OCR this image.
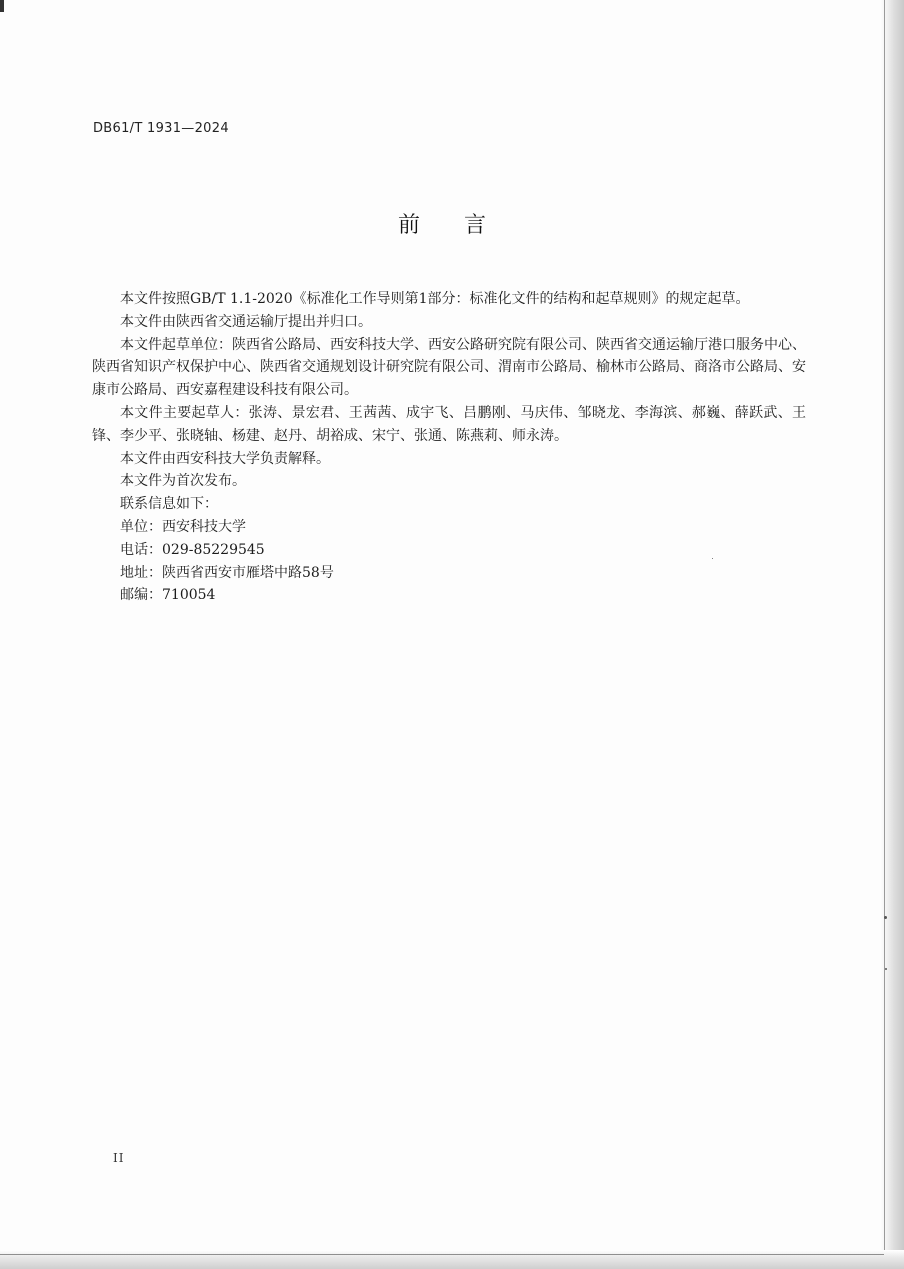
DB61/T 1931—2024
前言

本文件按照GB/T 1.1-2020《标准化工作导则第1部分：标准化文件的结构和起草规则》的规定起草。

本文件由陕西省交通运输厅提出并归口。

本文件起草单位：陕西省公路局、西安科技大学、西安公路研究院有限公司、陕西省交通运输厅港口服务中心、陕西省知识产权保护中心、陕西省交通规划设计研究院有限公司、渭南市公路局、榆林市公路局、商洛市公路局、安康市公路局、西安嘉程建设科技有限公司。

本文件主要起草人：张涛、景宏君、王茜茜、成宇飞、吕鹏刚、马庆伟、邹晓龙、李海滨、郝巍、薛跃武、王锋、李少平、张晓轴、杨建、赵丹、胡裕成、宋宁、张通、陈燕莉、师永涛。

本文件由西安科技大学负责解释。

本文件为首次发布。

联系信息如下：

单位：西安科技大学

电话：029-85229545

地址：陕西省西安市雁塔中路58号

邮编：710054

II
